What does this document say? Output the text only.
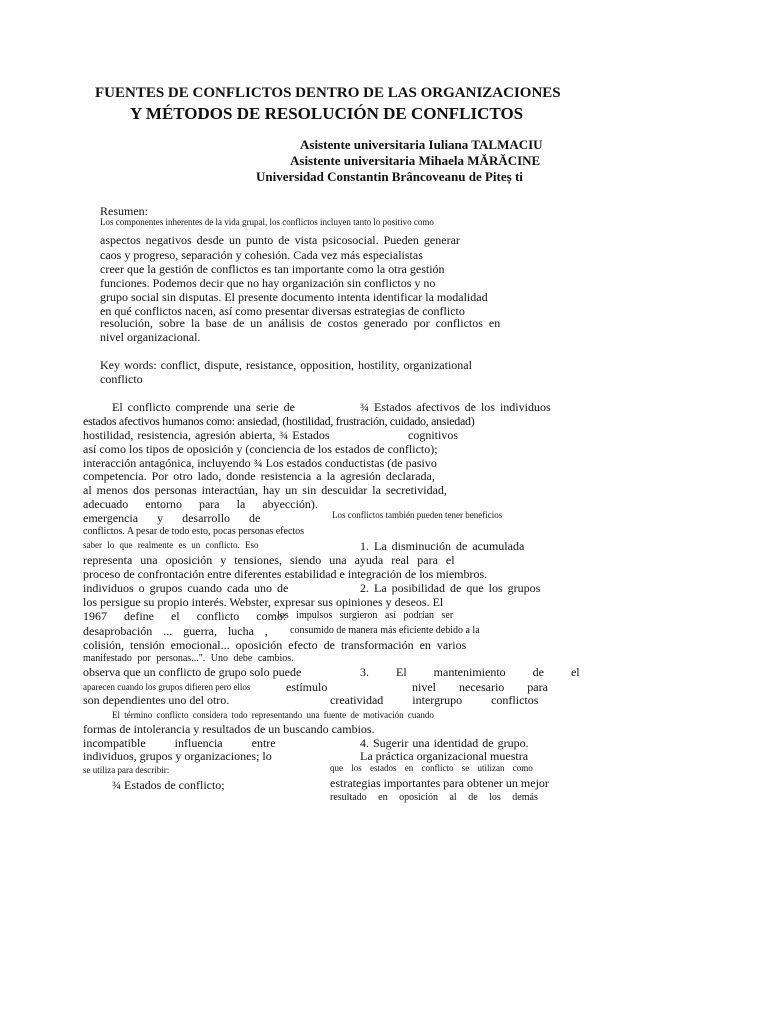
FUENTES DE CONFLICTOS DENTRO DE LAS ORGANIZACIONES
Y MÉTODOS DE RESOLUCIÓN DE CONFLICTOS
Asistente universitaria Iuliana TALMACIU
Asistente universitaria Mihaela MĂRĂCINE
Universidad Constantin Brâncoveanu de Piteș ti
Resumen:
Los componentes inherentes de la vida grupal, los conflictos incluyen tanto lo positivo como
aspectos negativos desde un punto de vista psicosocial. Pueden generar
caos y progreso, separación y cohesión. Cada vez más especialistas
creer que la gestión de conflictos es tan importante como la otra gestión
funciones. Podemos decir que no hay organización sin conflictos y no
grupo social sin disputas. El presente documento intenta identificar la modalidad
en qué conflictos nacen, así como presentar diversas estrategias de conflicto
resolución, sobre la base de un análisis de costos generado por conflictos en
nivel organizacional.
Key words: conflict, dispute, resistance, opposition, hostility, organizational
conflicto
El conflicto comprende una serie de	¾ Estados afectivos de los individuos
estados afectivos humanos como: ansiedad, (hostilidad, frustración, cuidado, ansiedad)
hostilidad, resistencia, agresión abierta, ¾ Estados	cognitivos
así como los tipos de oposición y (conciencia de los estados de conflicto);
interacción antagónica, incluyendo ¾ Los estados conductistas (de pasivo
competencia. Por otro lado, donde resistencia a la agresión declarada,
al menos dos personas interactúan, hay un sin descuidar la secretividad,
adecuado entorno para la abyección).
emergencia y desarrollo de	Los conflictos también pueden tener beneficios
conflictos. A pesar de todo esto, pocas personas efectos
saber lo que realmente es un conflicto. Eso	1. La disminución de acumulada
representa una oposición y tensiones, siendo una ayuda real para el
proceso de confrontación entre diferentes estabilidad e integración de los miembros.
individuos o grupos cuando cada uno de	2. La posibilidad de que los grupos
los persigue su propio interés. Webster, expresar sus opiniones y deseos. El
1967 define el conflicto como:
los impulsos surgieron así podrían ser
desaprobación ... guerra, lucha , consumido de manera más eficiente debido a la
colisión, tensión emocional... oposición efecto de transformación en varios
manifestado por personas...". Uno debe cambios.
observa que un conflicto de grupo solo puede	3. El mantenimiento de el
aparecen cuando los grupos difieren pero ellos	estímulo	nivel necesario para
son dependientes uno del otro.	creatividad intergrupo conflictos
El término conflicto considera todo representando una fuente de motivación cuando
formas de intolerancia y resultados de un buscando cambios.
incompatible influencia entre	4. Sugerir una identidad de grupo.
individuos, grupos y organizaciones; lo	La práctica organizacional muestra
se utiliza para describir:	que los estados en conflicto se utilizan como
¾ Estados de conflicto;	estrategias importantes para obtener un mejor
resultado en oposición al de los demás
